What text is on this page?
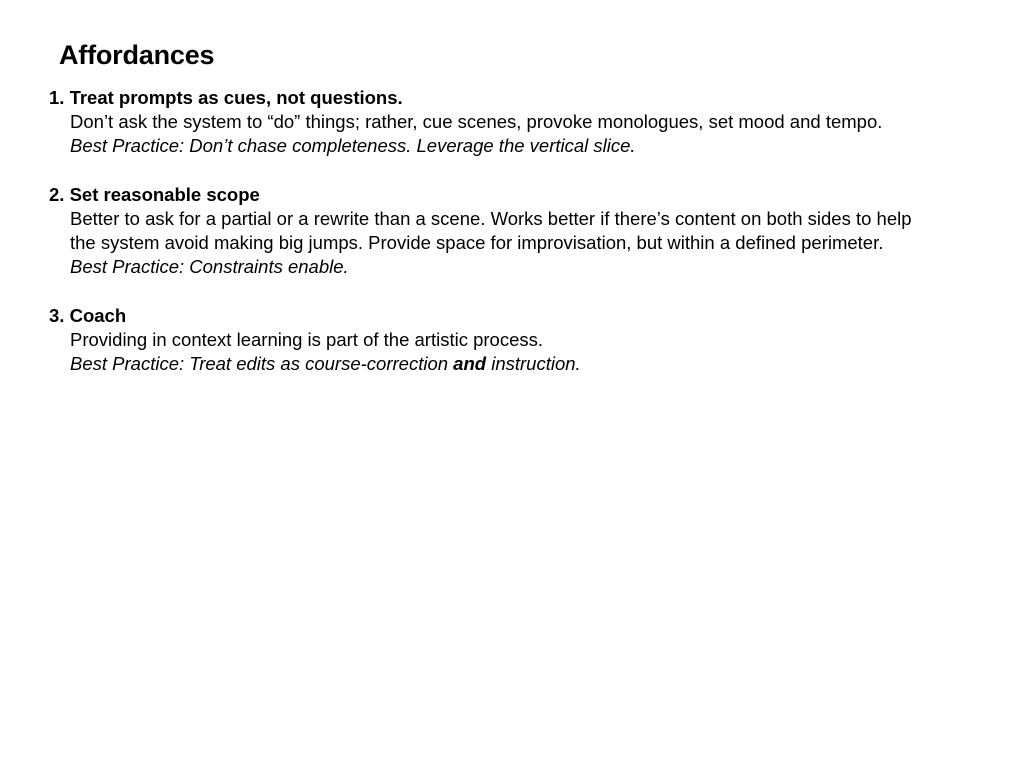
Affordances
1. Treat prompts as cues, not questions.
Don’t ask the system to “do” things; rather, cue scenes, provoke monologues, set mood and tempo.
Best Practice: Don’t chase completeness. Leverage the vertical slice.
2. Set reasonable scope
Better to ask for a partial or a rewrite than a scene. Works better if there’s content on both sides to help
the system avoid making big jumps. Provide space for improvisation, but within a defined perimeter.
Best Practice: Constraints enable.
3. Coach
Providing in context learning is part of the artistic process.
Best Practice: Treat edits as course-correction and instruction.
